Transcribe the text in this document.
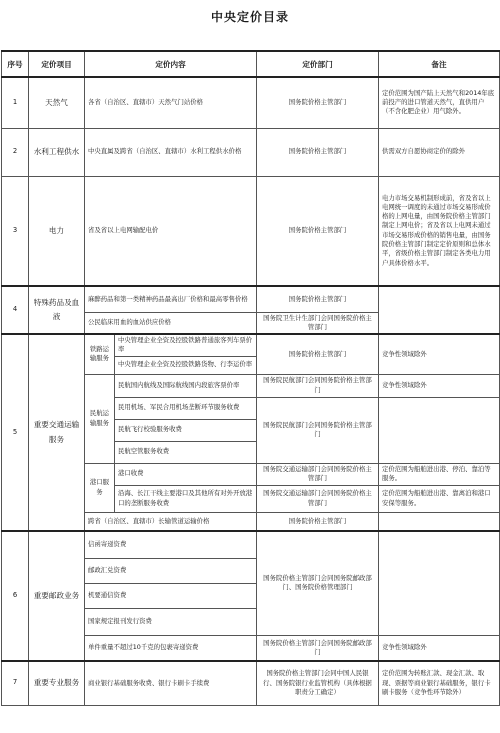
中央定价目录
序号	定价项目	定价内容		定价部门	备注
1	天然气	各省（自治区、直辖市）天然气门站价格		国务院价格主管部门	定价范围为国产陆上天然气和2014年底前投产的进口管道天然气，直供用户（不含化肥企业）用气除外。
2	水利工程供水	中央直属及跨省（自治区、直辖市）水利工程供水价格		国务院价格主管部门	供需双方自愿协商定价的除外
3	电力	省及省以上电网输配电价		国务院价格主管部门	电力市场交易机制形成前，省及省以上电网统一调度的未通过市场交易形成价格的上网电量，由国务院价格主管部门制定上网电价；省及省以上电网未通过市场交易形成价格的销售电量，由国务院价格主管部门制定定价原则和总体水平，省级价格主管部门制定各类电力用户具体价格水平。
4	特殊药品及血液	麻醉药品和第一类精神药品最高出厂价格和最高零售价格		国务院价格主管部门	
		公民临床用血的血站供应价格		国务院卫生计生部门会同国务院价格主管部门	
5	重要交通运输服务	铁路运输服务	中央管理企业全资及控股铁路普通旅客列车票价率	国务院价格主管部门	竞争性领域除外
			中央管理企业全资及控股铁路货物、行李运价率		
		民航运输服务	民航国内航线及国际航线国内段旅客票价率	国务院民航部门会同国务院价格主管部门	竞争性领域除外
			民用机场、军民合用机场垄断环节服务收费	国务院民航部门会同国务院价格主管部门	
			民航飞行校验服务收费		
			民航空管服务收费		
		港口服务	港口收费	国务院交通运输部门会同国务院价格主管部门	定价范围为船舶进出港、停泊、靠泊等服务。
			沿海、长江干线主要港口及其他所有对外开放港口的垄断服务收费	国务院交通运输部门会同国务院价格主管部门	定价范围为船舶进出港、靠离泊和港口安保等服务。
		跨省（自治区、直辖市）长输管道运输价格		国务院价格主管部门	

6	重要邮政业务	信函寄递资费		国务院价格主管部门会同国务院邮政部门、国务院价格管理部门	
		邮政汇兑资费			
		机要通信资费			
		国家规定报刊发行资费			
		单件重量不超过10千克的包裹寄递资费		国务院价格主管部门会同国务院邮政部门	竞争性领域除外
7	重要专业服务	商业银行基础服务收费、银行卡刷卡手续费		国务院价格主管部门会同中国人民银行、国务院银行业监管机构（具体根据职责分工确定）	定价范围为转账汇款、现金汇款、取现、票据等商业银行基础服务，银行卡刷卡服务（竞争性环节除外）
